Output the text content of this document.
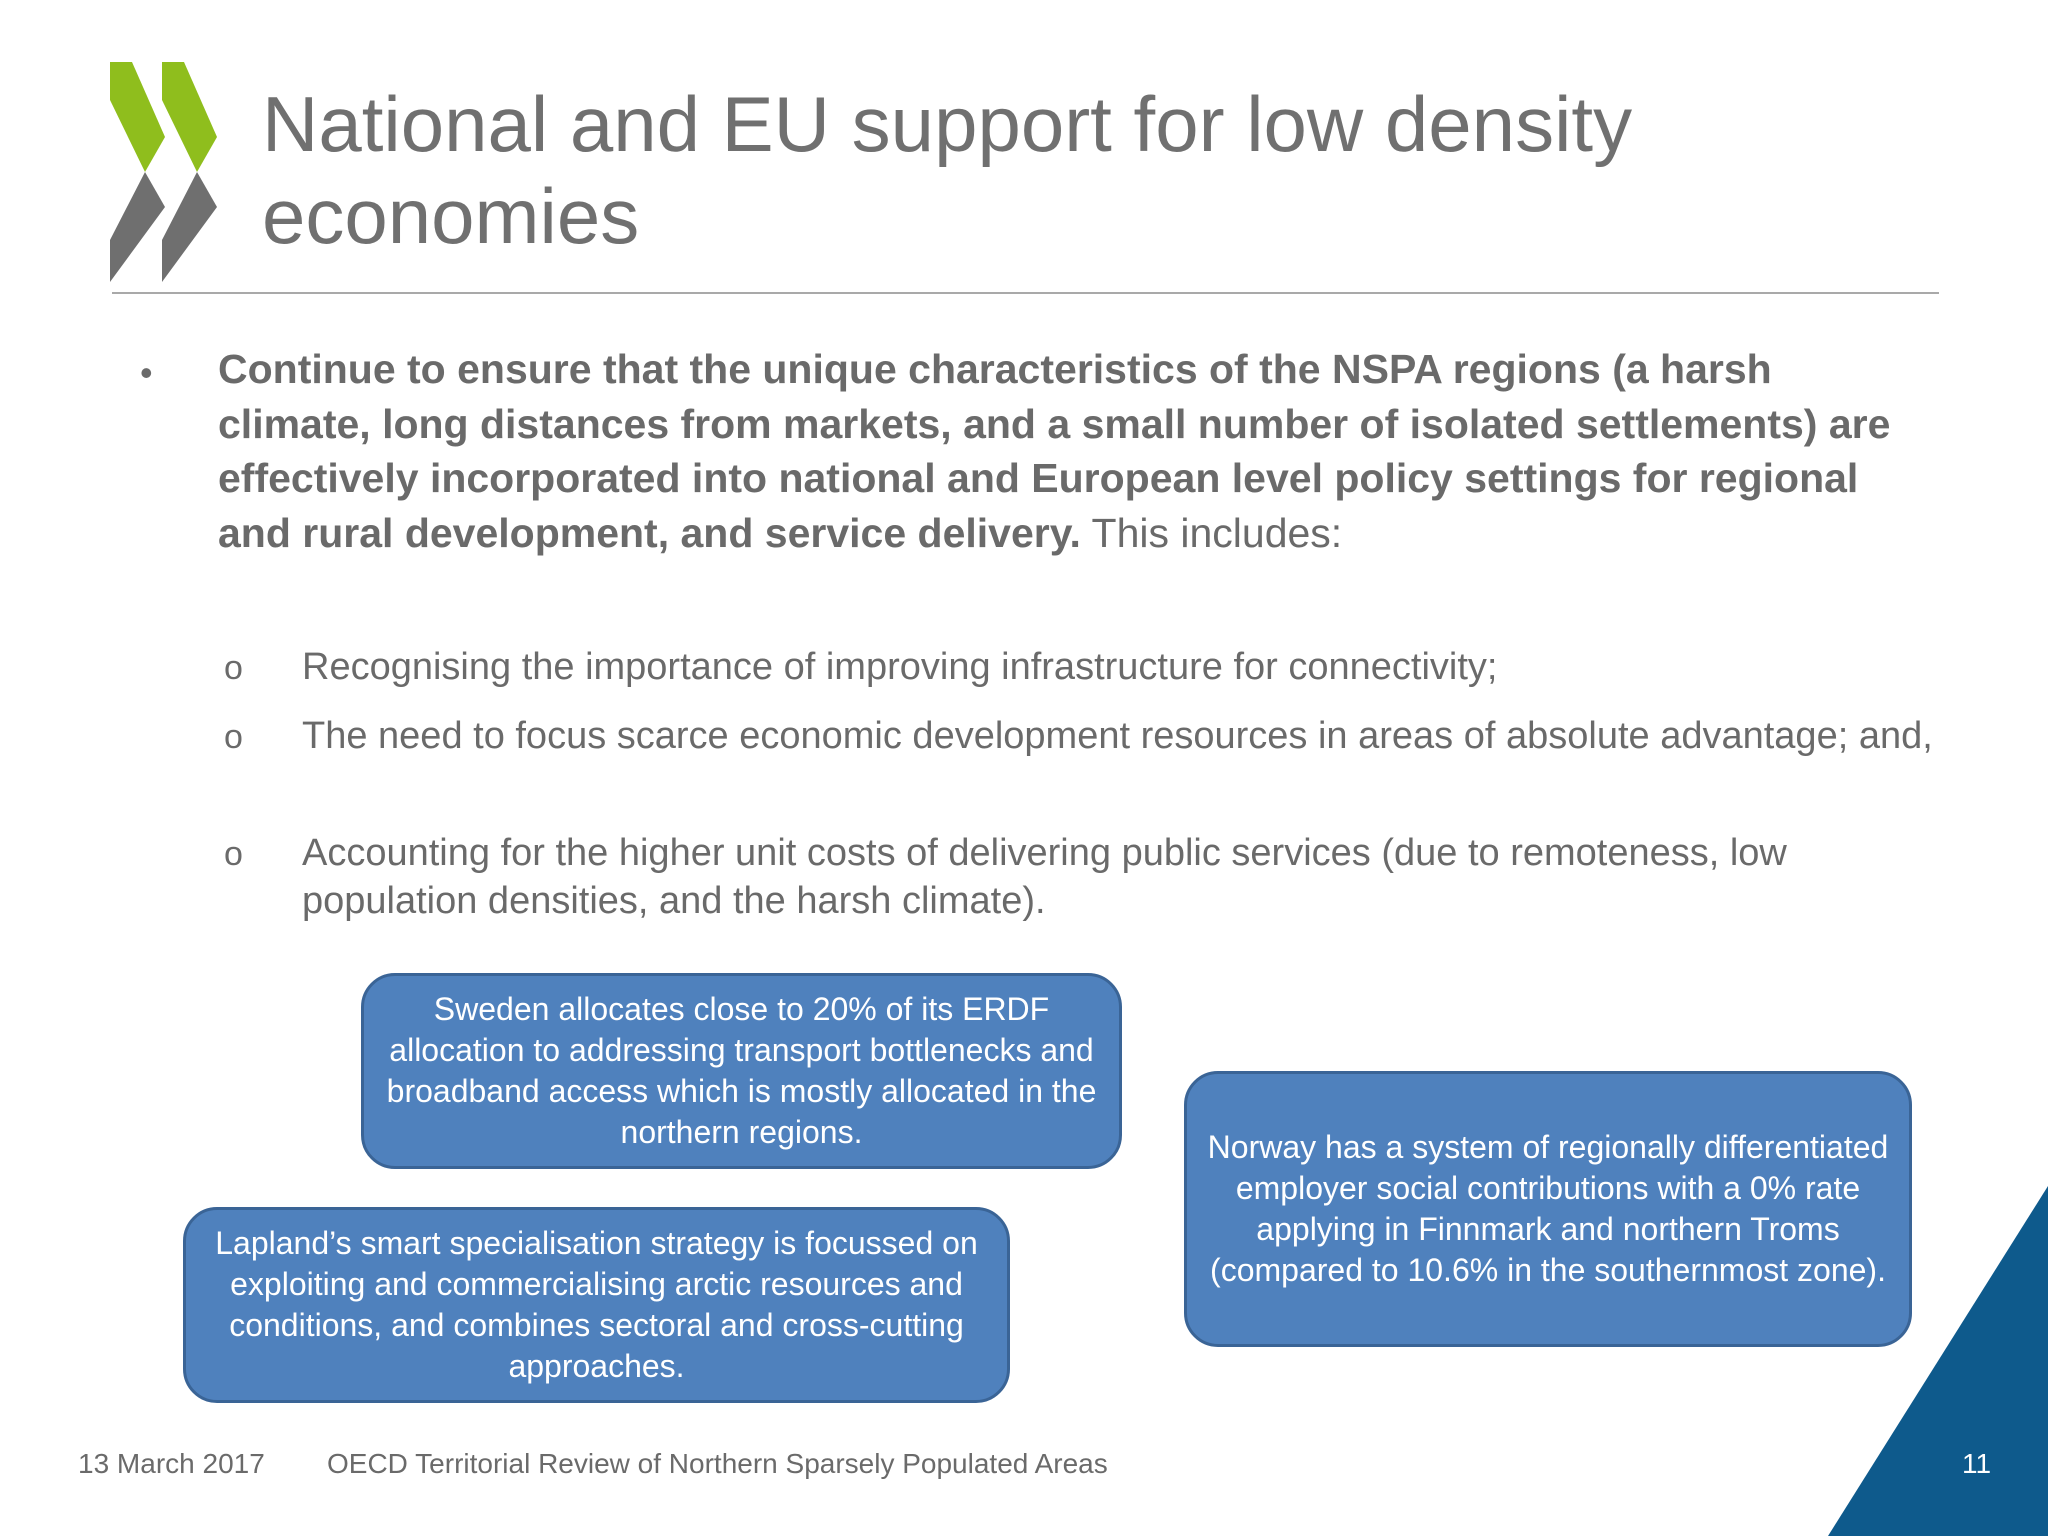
National and EU support for low density economies
• Continue to ensure that the unique characteristics of the NSPA regions (a harsh climate, long distances from markets, and a small number of isolated settlements) are effectively incorporated into national and European level policy settings for regional and rural development, and service delivery. This includes:
o Recognising the importance of improving infrastructure for connectivity;
o The need to focus scarce economic development resources in areas of absolute advantage; and,
o Accounting for the higher unit costs of delivering public services (due to remoteness, low population densities, and the harsh climate).
Sweden allocates close to 20% of its ERDF allocation to addressing transport bottlenecks and broadband access which is mostly allocated in the northern regions.	Norway has a system of regionally differentiated employer social contributions with a 0% rate applying in Finnmark and northern Troms (compared to 10.6% in the southernmost zone).
Lapland’s smart specialisation strategy is focussed on exploiting and commercialising arctic resources and conditions, and combines sectoral and cross-cutting approaches.
13 March 2017 OECD Territorial Review of Northern Sparsely Populated Areas	11
